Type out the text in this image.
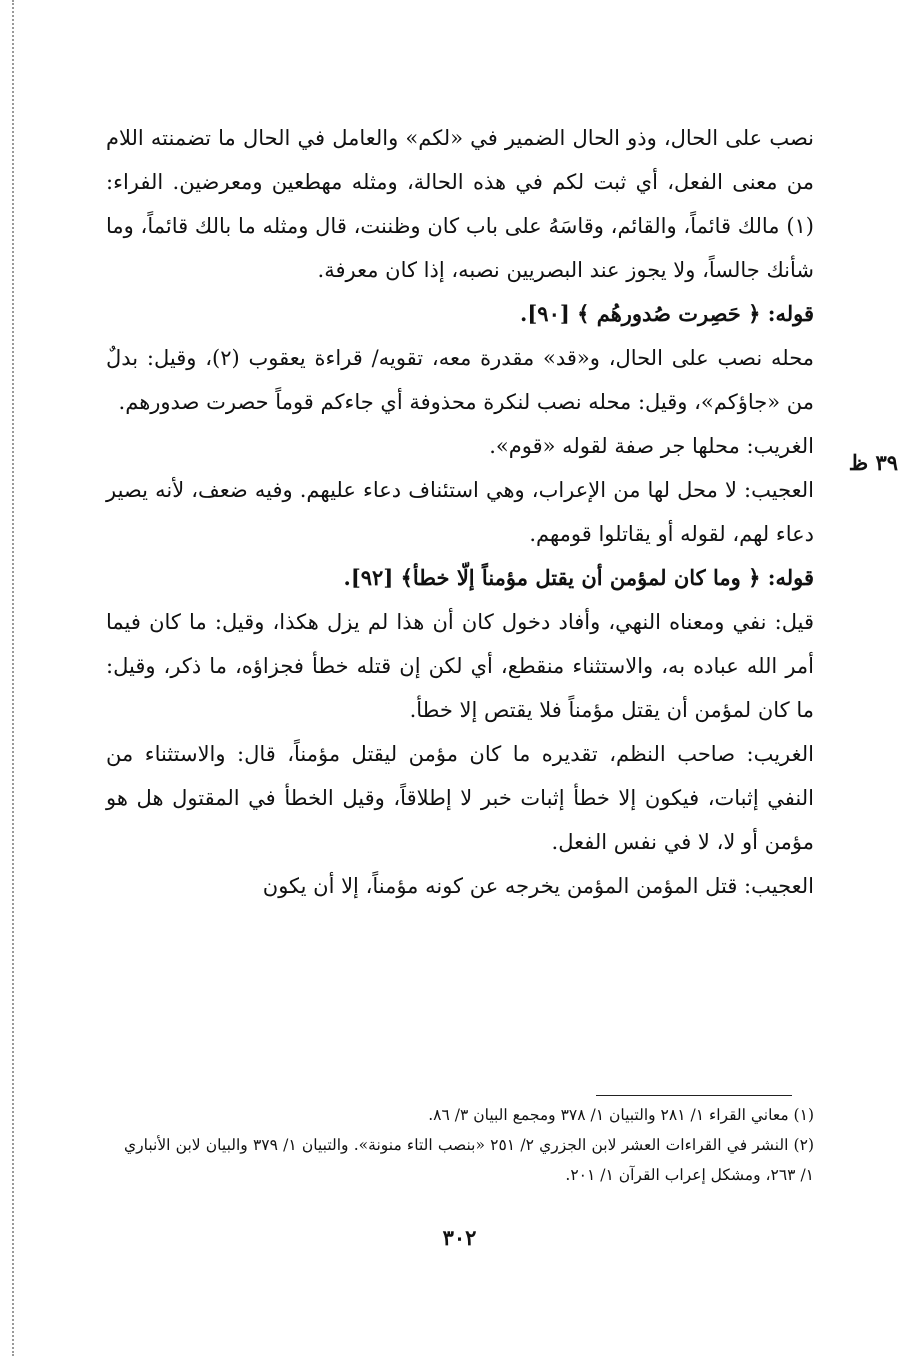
نصب على الحال، وذو الحال الضمير في «لكم» والعامل في الحال ما تضمنته اللام من معنى الفعل، أي ثبت لكم في هذه الحالة، ومثله مهطعين ومعرضين. الفراء: (١) مالك قائماً، والقائم، وقاسَهُ على باب كان وظننت، قال ومثله ما بالك قائماً، وما شأنك جالساً، ولا يجوز عند البصريين نصبه، إذا كان معرفة.

قوله: ﴿ حَصِرت صُدورهُم ﴾ [٩٠].

محله نصب على الحال، و«قد» مقدرة معه، تقويه/ قراءة يعقوب (٢)، وقيل: بدلٌ من «جاؤكم»، وقيل: محله نصب لنكرة محذوفة أي جاءكم قوماً حصرت صدورهم.

الغريب: محلها جر صفة لقوله «قوم».

العجيب: لا محل لها من الإعراب، وهي استئناف دعاء عليهم. وفيه ضعف، لأنه يصير دعاء لهم، لقوله أو يقاتلوا قومهم.

قوله: ﴿ وما كان لمؤمن أن يقتل مؤمناً إلّا خطأ﴾ [٩٢].

قيل: نفي ومعناه النهي، وأفاد دخول كان أن هذا لم يزل هكذا، وقيل: ما كان فيما أمر الله عباده به، والاستثناء منقطع، أي لكن إن قتله خطأ فجزاؤه، ما ذكر، وقيل: ما كان لمؤمن أن يقتل مؤمناً فلا يقتص إلا خطأ.

الغريب: صاحب النظم، تقديره ما كان مؤمن ليقتل مؤمناً، قال: والاستثناء من النفي إثبات، فيكون إلا خطأ إثبات خبر لا إطلاقاً، وقيل الخطأ في المقتول هل هو مؤمن أو لا، لا في نفس الفعل.

العجيب: قتل المؤمن المؤمن يخرجه عن كونه مؤمناً، إلا أن يكون

٣٩ ظ

(١) معاني القراء ١/ ٢٨١ والتبيان ١/ ٣٧٨ ومجمع البيان ٣/ ٨٦.

(٢) النشر في القراءات العشر لابن الجزري ٢/ ٢٥١ «بنصب التاء منونة». والتبيان ١/ ٣٧٩ والبيان لابن الأنباري ١/ ٢٦٣، ومشكل إعراب القرآن ١/ ٢٠١.

٣٠٢
